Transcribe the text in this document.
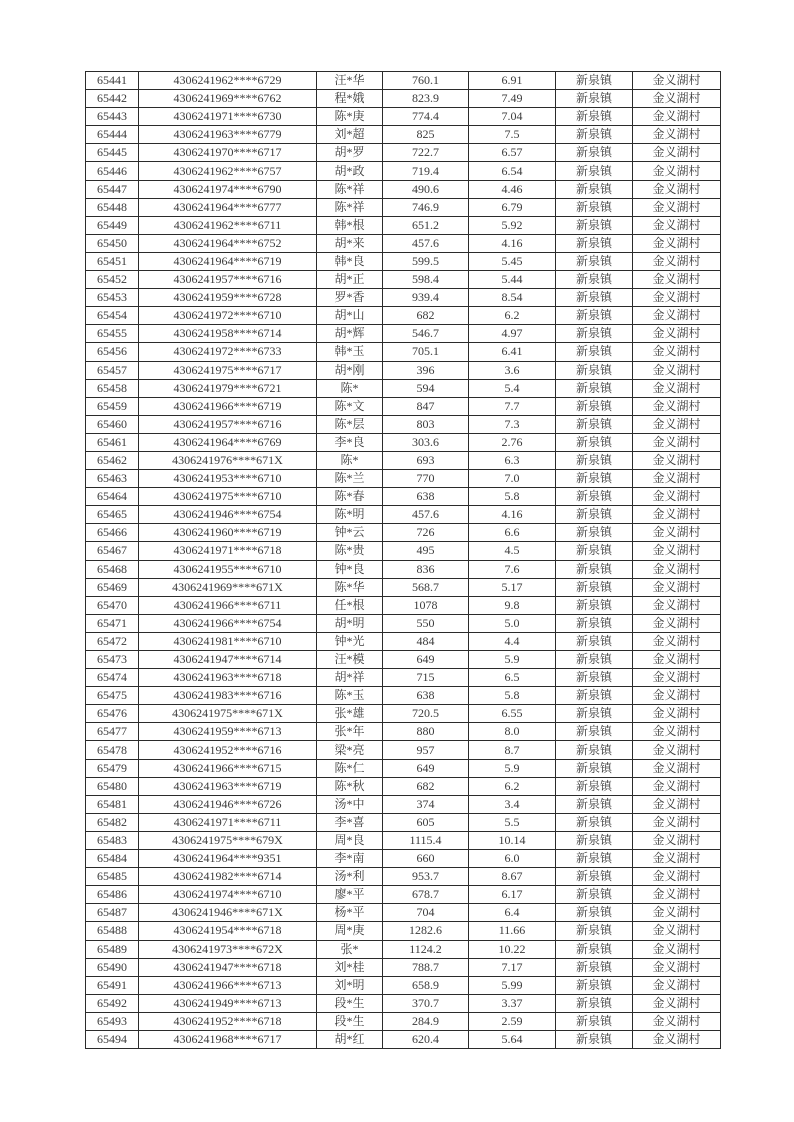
65441	4306241962****6729	汪*华	760.1	6.91	新泉镇	金义湖村
65442	4306241969****6762	程*娥	823.9	7.49	新泉镇	金义湖村
65443	4306241971****6730	陈*庚	774.4	7.04	新泉镇	金义湖村
65444	4306241963****6779	刘*超	825	7.5	新泉镇	金义湖村
65445	4306241970****6717	胡*罗	722.7	6.57	新泉镇	金义湖村
65446	4306241962****6757	胡*政	719.4	6.54	新泉镇	金义湖村
65447	4306241974****6790	陈*祥	490.6	4.46	新泉镇	金义湖村
65448	4306241964****6777	陈*祥	746.9	6.79	新泉镇	金义湖村
65449	4306241962****6711	韩*根	651.2	5.92	新泉镇	金义湖村
65450	4306241964****6752	胡*来	457.6	4.16	新泉镇	金义湖村
65451	4306241964****6719	韩*良	599.5	5.45	新泉镇	金义湖村
65452	4306241957****6716	胡*正	598.4	5.44	新泉镇	金义湖村
65453	4306241959****6728	罗*香	939.4	8.54	新泉镇	金义湖村
65454	4306241972****6710	胡*山	682	6.2	新泉镇	金义湖村
65455	4306241958****6714	胡*辉	546.7	4.97	新泉镇	金义湖村
65456	4306241972****6733	韩*玉	705.1	6.41	新泉镇	金义湖村
65457	4306241975****6717	胡*刚	396	3.6	新泉镇	金义湖村
65458	4306241979****6721	陈*	594	5.4	新泉镇	金义湖村
65459	4306241966****6719	陈*文	847	7.7	新泉镇	金义湖村
65460	4306241957****6716	陈*层	803	7.3	新泉镇	金义湖村
65461	4306241964****6769	李*良	303.6	2.76	新泉镇	金义湖村
65462	4306241976****671X	陈*	693	6.3	新泉镇	金义湖村
65463	4306241953****6710	陈*兰	770	7.0	新泉镇	金义湖村
65464	4306241975****6710	陈*春	638	5.8	新泉镇	金义湖村
65465	4306241946****6754	陈*明	457.6	4.16	新泉镇	金义湖村
65466	4306241960****6719	钟*云	726	6.6	新泉镇	金义湖村
65467	4306241971****6718	陈*贵	495	4.5	新泉镇	金义湖村
65468	4306241955****6710	钟*良	836	7.6	新泉镇	金义湖村
65469	4306241969****671X	陈*华	568.7	5.17	新泉镇	金义湖村
65470	4306241966****6711	任*根	1078	9.8	新泉镇	金义湖村
65471	4306241966****6754	胡*明	550	5.0	新泉镇	金义湖村
65472	4306241981****6710	钟*光	484	4.4	新泉镇	金义湖村
65473	4306241947****6714	汪*模	649	5.9	新泉镇	金义湖村
65474	4306241963****6718	胡*祥	715	6.5	新泉镇	金义湖村
65475	4306241983****6716	陈*玉	638	5.8	新泉镇	金义湖村
65476	4306241975****671X	张*雄	720.5	6.55	新泉镇	金义湖村
65477	4306241959****6713	张*年	880	8.0	新泉镇	金义湖村
65478	4306241952****6716	梁*亮	957	8.7	新泉镇	金义湖村
65479	4306241966****6715	陈*仁	649	5.9	新泉镇	金义湖村
65480	4306241963****6719	陈*秋	682	6.2	新泉镇	金义湖村
65481	4306241946****6726	汤*中	374	3.4	新泉镇	金义湖村
65482	4306241971****6711	李*喜	605	5.5	新泉镇	金义湖村
65483	4306241975****679X	周*良	1115.4	10.14	新泉镇	金义湖村
65484	4306241964****9351	李*南	660	6.0	新泉镇	金义湖村
65485	4306241982****6714	汤*利	953.7	8.67	新泉镇	金义湖村
65486	4306241974****6710	廖*平	678.7	6.17	新泉镇	金义湖村
65487	4306241946****671X	杨*平	704	6.4	新泉镇	金义湖村
65488	4306241954****6718	周*庚	1282.6	11.66	新泉镇	金义湖村
65489	4306241973****672X	张*	1124.2	10.22	新泉镇	金义湖村
65490	4306241947****6718	刘*桂	788.7	7.17	新泉镇	金义湖村
65491	4306241966****6713	刘*明	658.9	5.99	新泉镇	金义湖村
65492	4306241949****6713	段*生	370.7	3.37	新泉镇	金义湖村
65493	4306241952****6718	段*生	284.9	2.59	新泉镇	金义湖村
65494	4306241968****6717	胡*红	620.4	5.64	新泉镇	金义湖村
